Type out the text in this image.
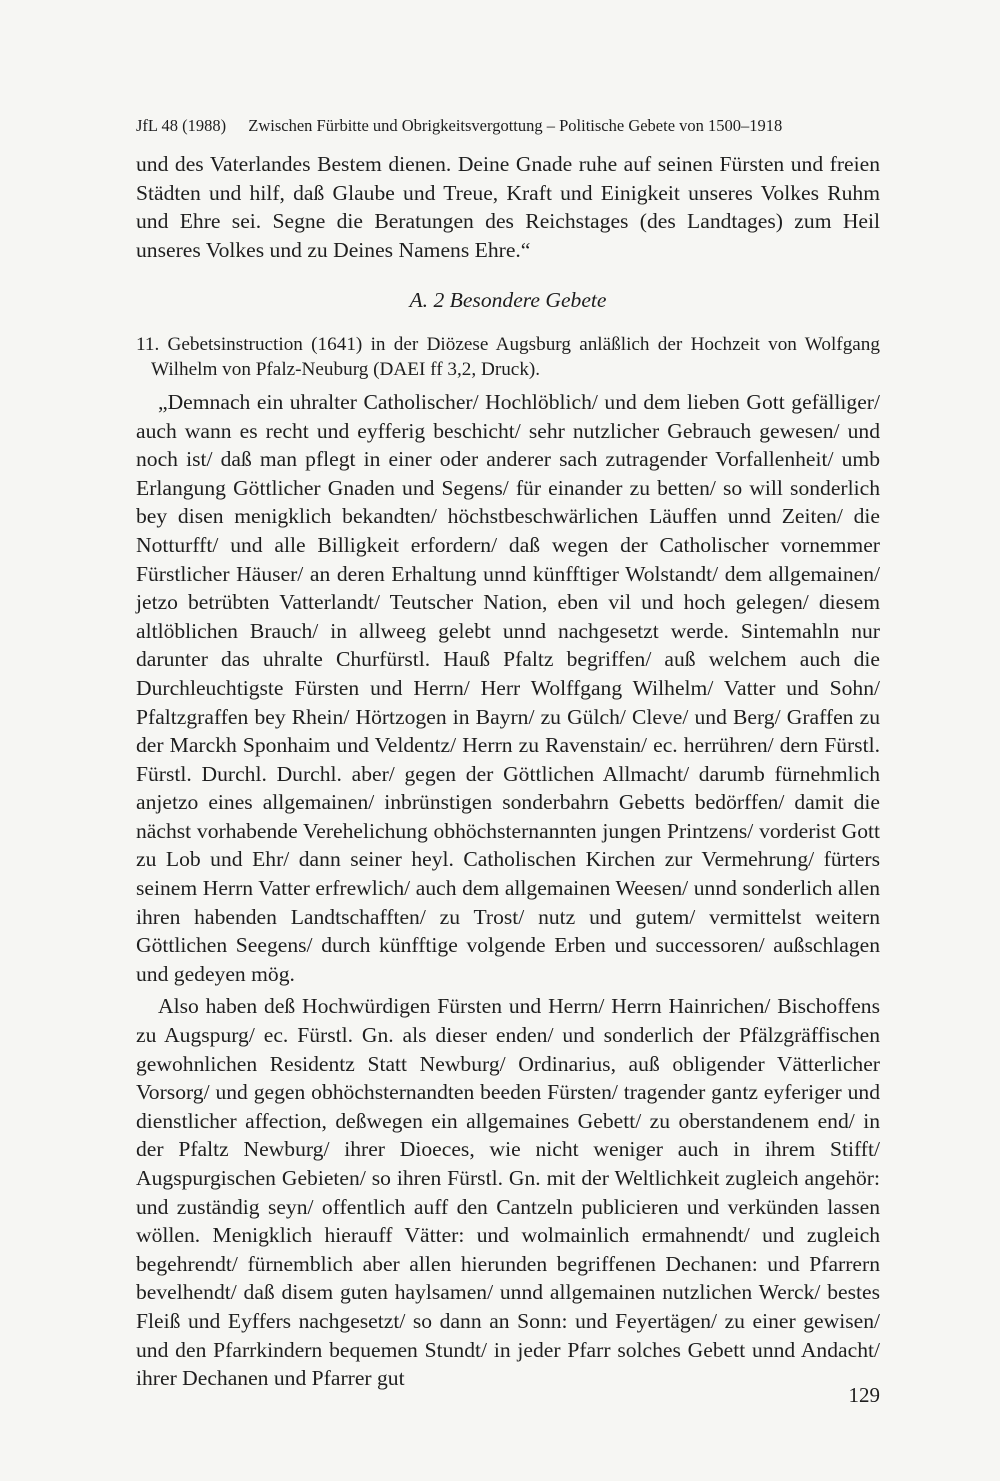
JfL 48 (1988) Zwischen Fürbitte und Obrigkeitsvergottung – Politische Gebete von 1500–1918

und des Vaterlandes Bestem dienen. Deine Gnade ruhe auf seinen Fürsten und freien Städten und hilf, daß Glaube und Treue, Kraft und Einigkeit unseres Volkes Ruhm und Ehre sei. Segne die Beratungen des Reichstages (des Landtages) zum Heil unseres Volkes und zu Deines Namens Ehre.“

A. 2 Besondere Gebete

11. Gebetsinstruction (1641) in der Diözese Augsburg anläßlich der Hochzeit von Wolfgang Wilhelm von Pfalz-Neuburg (DAEI ff 3,2, Druck).

„Demnach ein uhralter Catholischer/ Hochlöblich/ und dem lieben Gott gefälliger/ auch wann es recht und eyfferig beschicht/ sehr nutzlicher Gebrauch gewesen/ und noch ist/ daß man pflegt in einer oder anderer sach zutragender Vorfallenheit/ umb Erlangung Göttlicher Gnaden und Segens/ für einander zu betten/ so will sonderlich bey disen menigklich bekandten/ höchstbeschwärlichen Läuffen unnd Zeiten/ die Notturfft/ und alle Billigkeit erfordern/ daß wegen der Catholischer vornemmer Fürstlicher Häuser/ an deren Erhaltung unnd künfftiger Wolstandt/ dem allgemainen/ jetzo betrübten Vatterlandt/ Teutscher Nation, eben vil und hoch gelegen/ diesem altlöblichen Brauch/ in allweeg gelebt unnd nachgesetzt werde. Sintemahln nur darunter das uhralte Churfürstl. Hauß Pfaltz begriffen/ auß welchem auch die Durchleuchtigste Fürsten und Herrn/ Herr Wolffgang Wilhelm/ Vatter und Sohn/ Pfaltzgraffen bey Rhein/ Hörtzogen in Bayrn/ zu Gülch/ Cleve/ und Berg/ Graffen zu der Marckh Sponhaim und Veldentz/ Herrn zu Ravenstain/ ec. herrühren/ dern Fürstl. Fürstl. Durchl. Durchl. aber/ gegen der Göttlichen Allmacht/ darumb fürnehmlich anjetzo eines allgemainen/ inbrünstigen sonderbahrn Gebetts bedörffen/ damit die nächst vorhabende Verehelichung obhöchsternannten jungen Printzens/ vorderist Gott zu Lob und Ehr/ dann seiner heyl. Catholischen Kirchen zur Vermehrung/ fürters seinem Herrn Vatter erfrewlich/ auch dem allgemainen Weesen/ unnd sonderlich allen ihren habenden Landtschafften/ zu Trost/ nutz und gutem/ vermittelst weitern Göttlichen Seegens/ durch künfftige volgende Erben und successoren/ außschlagen und gedeyen mög.

Also haben deß Hochwürdigen Fürsten und Herrn/ Herrn Hainrichen/ Bischoffens zu Augspurg/ ec. Fürstl. Gn. als dieser enden/ und sonderlich der Pfälzgräffischen gewohnlichen Residentz Statt Newburg/ Ordinarius, auß obligender Vätterlicher Vorsorg/ und gegen obhöchsternandten beeden Fürsten/ tragender gantz eyferiger und dienstlicher affection, deßwegen ein allgemaines Gebett/ zu oberstandenem end/ in der Pfaltz Newburg/ ihrer Dioeces, wie nicht weniger auch in ihrem Stifft/ Augspurgischen Gebieten/ so ihren Fürstl. Gn. mit der Weltlichkeit zugleich angehör: und zuständig seyn/ offentlich auff den Cantzeln publicieren und verkünden lassen wöllen. Menigklich hierauff Vätter: und wolmainlich ermahnendt/ und zugleich begehrendt/ fürnemblich aber allen hierunden begriffenen Dechanen: und Pfarrern bevelhendt/ daß disem guten haylsamen/ unnd allgemainen nutzlichen Werck/ bestes Fleiß und Eyffers nachgesetzt/ so dann an Sonn: und Feyertägen/ zu einer gewisen/ und den Pfarrkindern bequemen Stundt/ in jeder Pfarr solches Gebett unnd Andacht/ ihrer Dechanen und Pfarrer gut

129
